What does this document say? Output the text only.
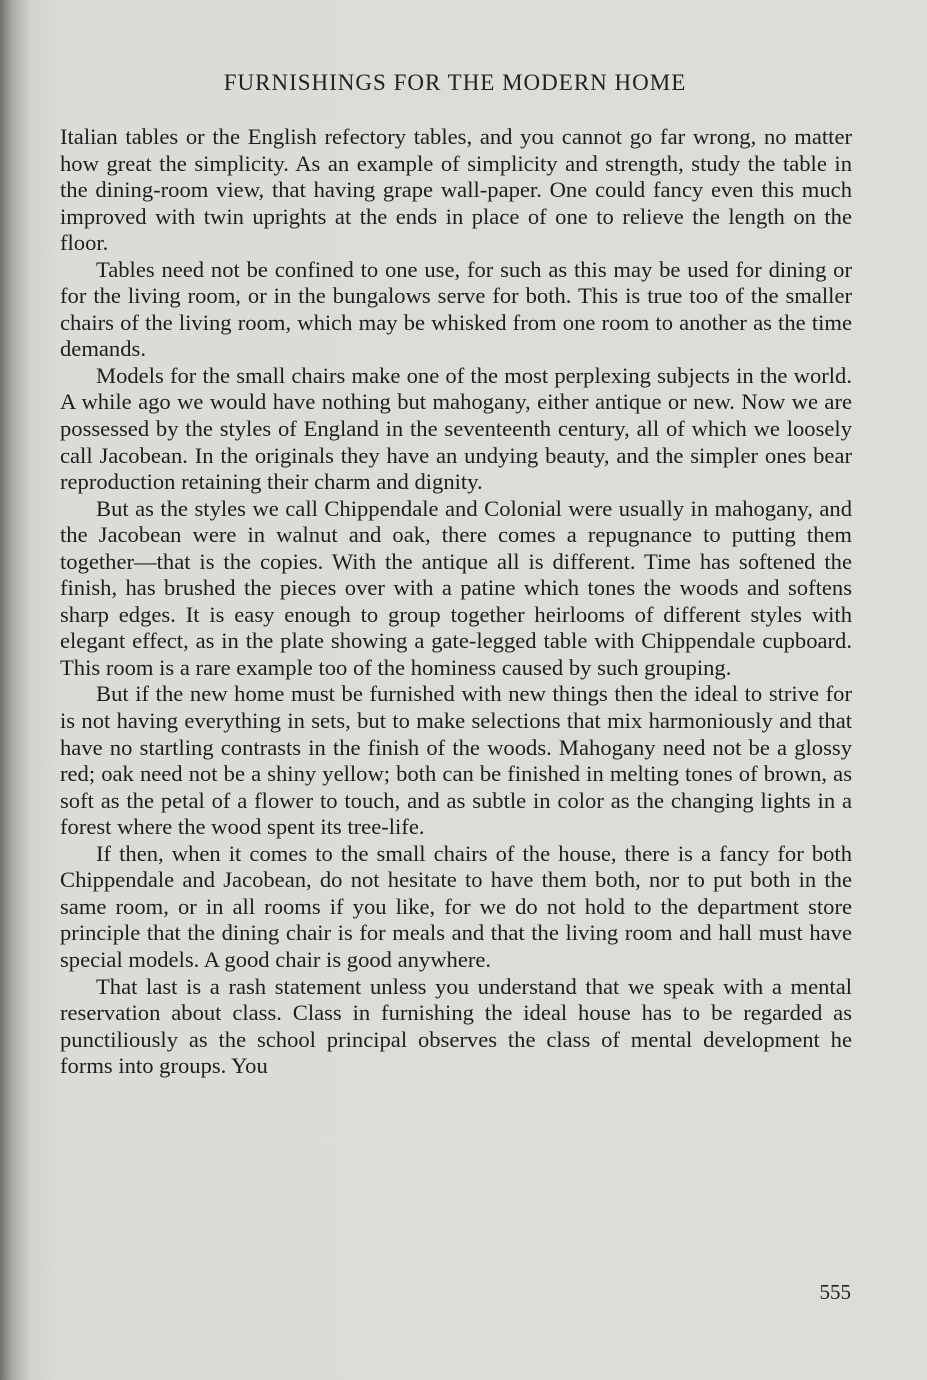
FURNISHINGS FOR THE MODERN HOME

Italian tables or the English refectory tables, and you cannot go far wrong, no matter how great the simplicity. As an example of simplicity and strength, study the table in the dining-room view, that having grape wall-paper. One could fancy even this much improved with twin uprights at the ends in place of one to relieve the length on the floor.

Tables need not be confined to one use, for such as this may be used for dining or for the living room, or in the bungalows serve for both. This is true too of the smaller chairs of the living room, which may be whisked from one room to another as the time demands.

Models for the small chairs make one of the most perplexing subjects in the world. A while ago we would have nothing but mahogany, either antique or new. Now we are possessed by the styles of England in the seventeenth century, all of which we loosely call Jacobean. In the originals they have an undying beauty, and the simpler ones bear reproduction retaining their charm and dignity.

But as the styles we call Chippendale and Colonial were usually in mahogany, and the Jacobean were in walnut and oak, there comes a repugnance to putting them together—that is the copies. With the antique all is different. Time has softened the finish, has brushed the pieces over with a patine which tones the woods and softens sharp edges. It is easy enough to group together heirlooms of different styles with elegant effect, as in the plate showing a gate-legged table with Chippendale cupboard. This room is a rare example too of the hominess caused by such grouping.

But if the new home must be furnished with new things then the ideal to strive for is not having everything in sets, but to make selections that mix harmoniously and that have no startling contrasts in the finish of the woods. Mahogany need not be a glossy red; oak need not be a shiny yellow; both can be finished in melting tones of brown, as soft as the petal of a flower to touch, and as subtle in color as the changing lights in a forest where the wood spent its tree-life.

If then, when it comes to the small chairs of the house, there is a fancy for both Chippendale and Jacobean, do not hesitate to have them both, nor to put both in the same room, or in all rooms if you like, for we do not hold to the department store principle that the dining chair is for meals and that the living room and hall must have special models. A good chair is good anywhere.

That last is a rash statement unless you understand that we speak with a mental reservation about class. Class in furnishing the ideal house has to be regarded as punctiliously as the school principal observes the class of mental development he forms into groups. You

555
